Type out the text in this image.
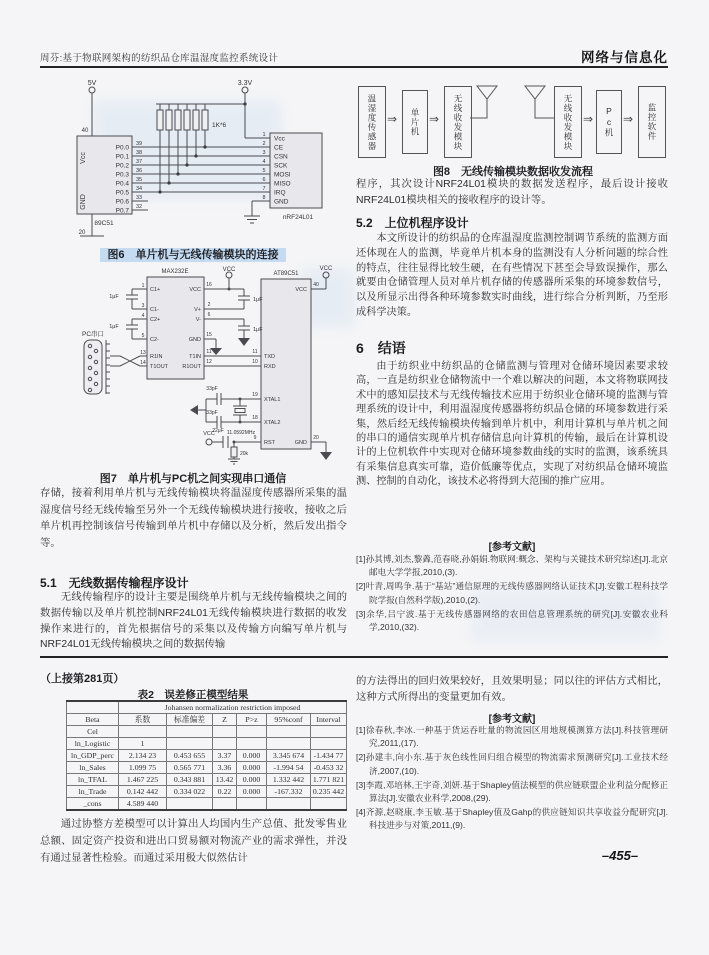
周芬:基于物联网架构的纺织品仓库温湿度监控系统设计	网络与信息化
5V
40
Vcc
GND
20
P0.0
P0.1
P0.2
P0.3
P0.4
P0.5
P0.6
P0.7
39
38
37
36
35
34
33
32
89C51
1K*6
3.3V
Vcc
CE
CSN
SCK
MOSI
MISO
IRQ
GND
1
2
3
4
5
6
7
8
nRF24L01
图6　单片机与无线传输模块的连接
MAX232E	AT89C51
PC串口
C1+
C1-
C2+
C2-
R1IN
T1OUT
1
3
4
5
13
14
VCC
V+
V-
GND
T1IN
R1OUT
16
2
6
15
11
12
TXD
RXD
XTAL1
XTAL2
RST
11
10
19
18
9
VCC	VCC
40
VCC
GND
20
1μF
1μF
1μF
1μF
33pF
33pF
11.0592MHz
22μF
VCC
20k
图7　单片机与PC机之间实现串口通信
存储，接着利用单片机与无线传输模块将温湿度传感器所采集的温湿度信号经无线传输至另外一个无线传输模块进行接收，接收之后单片机再控制该信号传输到单片机中存储以及分析，然后发出指令等。
5.1　无线数据传输程序设计
无线传输程序的设计主要是围绕单片机与无线传输模块之间的数据传输以及单片机控制NRF24L01无线传输模块进行数据的收发操作来进行的，首先根据信号的采集以及传输方向编写单片机与NRF24L01无线传输模块之间的数据传输
温湿度传感器 ⇒	单片机 ⇒	无线收发模块	无线收发模块 ⇒	Pc机 ⇒	监控软件
图8　无线传输模块数据收发流程
程序，其次设计NRF24L01模块的数据发送程序，最后设计接收NRF24L01模块相关的接收程序的设计等。
5.2　上位机程序设计
本文所设计的纺织品的仓库温湿度监测控制调节系统的监测方面还体现在人的监测，毕竟单片机本身的监测没有人分析问题的综合性的特点，往往显得比较生硬，在有些情况下甚至会导致误操作，那么就要由仓储管理人员对单片机存储的传感器所采集的环境参数信号，以及所显示出得各种环境参数实时曲线，进行综合分析判断，乃至形成科学决策。
6　结语
由于纺织业中纺织品的仓储监测与管理对仓储环境因素要求较高，一直是纺织业仓储物流中一个难以解决的问题，本文将物联网技术中的感知层技术与无线传输技术应用于纺织业仓储环境的监测与管理系统的设计中，利用温湿度传感器将纺织品仓储的环境参数进行采集，然后经无线传输模块传输到单片机中，利用计算机与单片机之间的串口的通信实现单片机存储信息向计算机的传输，最后在计算机设计的上位机软件中实现对仓储环境参数曲线的实时的监测，该系统具有采集信息真实可靠，造价低廉等优点，实现了对纺织品仓储环境监测、控制的自动化，该技术必将得到大范围的推广应用。
[参考文献]
[1]孙其博,刘杰,黎羴,范春晓,孙娟娟.物联网:概念、架构与关键技术研究综述[J].北京邮电大学学报,2010,(3).
[2]叶青,周鸣争.基于“基站”通信原理的无线传感器网络认证技术[J].安徽工程科技学院学报(自然科学版),2010,(2).
[3]余华,吕宁波.基于无线传感器网络的农田信息管理系统的研究[J].安徽农业科学,2010,(32).
（上接第281页）
表2　误差修正模型结果
	Johansen normalization restriction imposed					
Beta	系数	标准偏差	Z	P>z	95%conf	Interval
Cel						
ln_Logistic	1					
ln_GDP_perc	2.134 23	0.453 655	3.37	0.000	3.345 674	-1.434 77
ln_Sales	1.099 75	0.565 771	3.36	0.000	-1.994 54	-0.453 32
ln_TFAL	1.467 225	0.343 881	13.42	0.000	1.332 442	1.771 821
ln_Trade	0.142 442	0.334 022	0.22	0.000	-167.332	0.235 442
_cons	4.589 440					
通过协整方差模型可以计算出人均国内生产总值、批发零售业总额、固定资产投资和进出口贸易额对物流产业的需求弹性，并没有通过显著性检验。而通过采用极大似然估计
的方法得出的回归效果较好，且效果明显；同以往的评估方式相比，这种方式所得出的变量更加有效。
[参考文献]
[1]徐春秋,李冰.一种基于货运吞吐量的物流园区用地规模测算方法[J].科技管理研究,2011,(17).
[2]孙建丰,向小东.基于灰色线性回归组合模型的物流需求预测研究[J].工业技术经济,2007,(10).
[3]李霞,邓培林,王宇奇,刘妍.基于Shapley值法模型的供应链联盟企业利益分配修正算法[J].安徽农业科学,2008,(29).
[4]齐源,赵晓康,李玉敏.基于Shapley值及Gahp的供应链知识共享收益分配研究[J].科技进步与对策,2011,(9).
–455–
